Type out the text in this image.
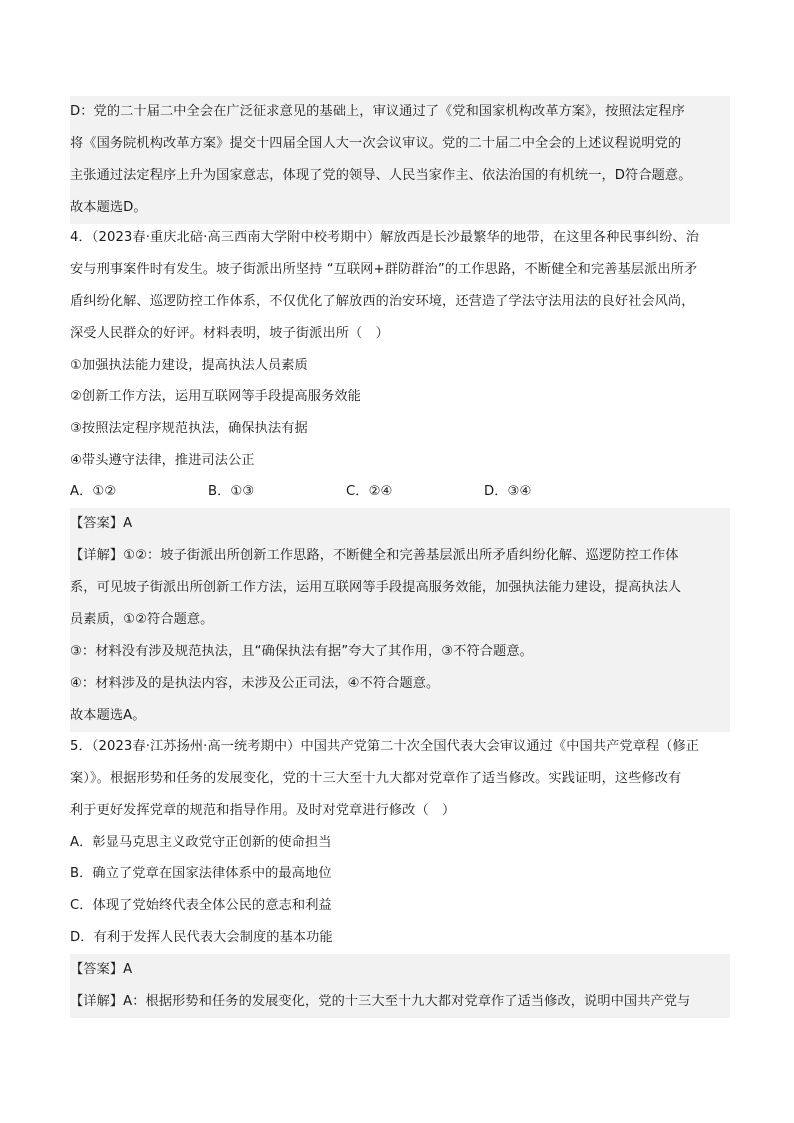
D：党的二十届二中全会在广泛征求意见的基础上，审议通过了《党和国家机构改革方案》，按照法定程序
将《国务院机构改革方案》提交十四届全国人大一次会议审议。党的二十届二中全会的上述议程说明党的
主张通过法定程序上升为国家意志，体现了党的领导、人民当家作主、依法治国的有机统一，D符合题意。
故本题选D。
4．（2023春·重庆北碚·高三西南大学附中校考期中）解放西是长沙最繁华的地带，在这里各种民事纠纷、治
安与刑事案件时有发生。坡子街派出所坚持 “互联网+群防群治”的工作思路，不断健全和完善基层派出所矛
盾纠纷化解、巡逻防控工作体系，不仅优化了解放西的治安环境，还营造了学法守法用法的良好社会风尚，
深受人民群众的好评。材料表明，坡子街派出所（　）
①加强执法能力建设，提高执法人员素质
②创新工作方法，运用互联网等手段提高服务效能
③按照法定程序规范执法，确保执法有据
④带头遵守法律，推进司法公正
A．①②	B．①③	C．②④	D．③④
【答案】A
【详解】①②：坡子街派出所创新工作思路，不断健全和完善基层派出所矛盾纠纷化解、巡逻防控工作体
系，可见坡子街派出所创新工作方法，运用互联网等手段提高服务效能，加强执法能力建设，提高执法人
员素质，①②符合题意。
③：材料没有涉及规范执法，且“确保执法有据”夸大了其作用，③不符合题意。
④：材料涉及的是执法内容，未涉及公正司法，④不符合题意。
故本题选A。
5．（2023春·江苏扬州·高一统考期中）中国共产党第二十次全国代表大会审议通过《中国共产党章程（修正
案）》。根据形势和任务的发展变化，党的十三大至十九大都对党章作了适当修改。实践证明，这些修改有
利于更好发挥党章的规范和指导作用。及时对党章进行修改（　）
A．彰显马克思主义政党守正创新的使命担当
B．确立了党章在国家法律体系中的最高地位
C．体现了党始终代表全体公民的意志和利益
D．有利于发挥人民代表大会制度的基本功能
【答案】A
【详解】A：根据形势和任务的发展变化，党的十三大至十九大都对党章作了适当修改，说明中国共产党与
